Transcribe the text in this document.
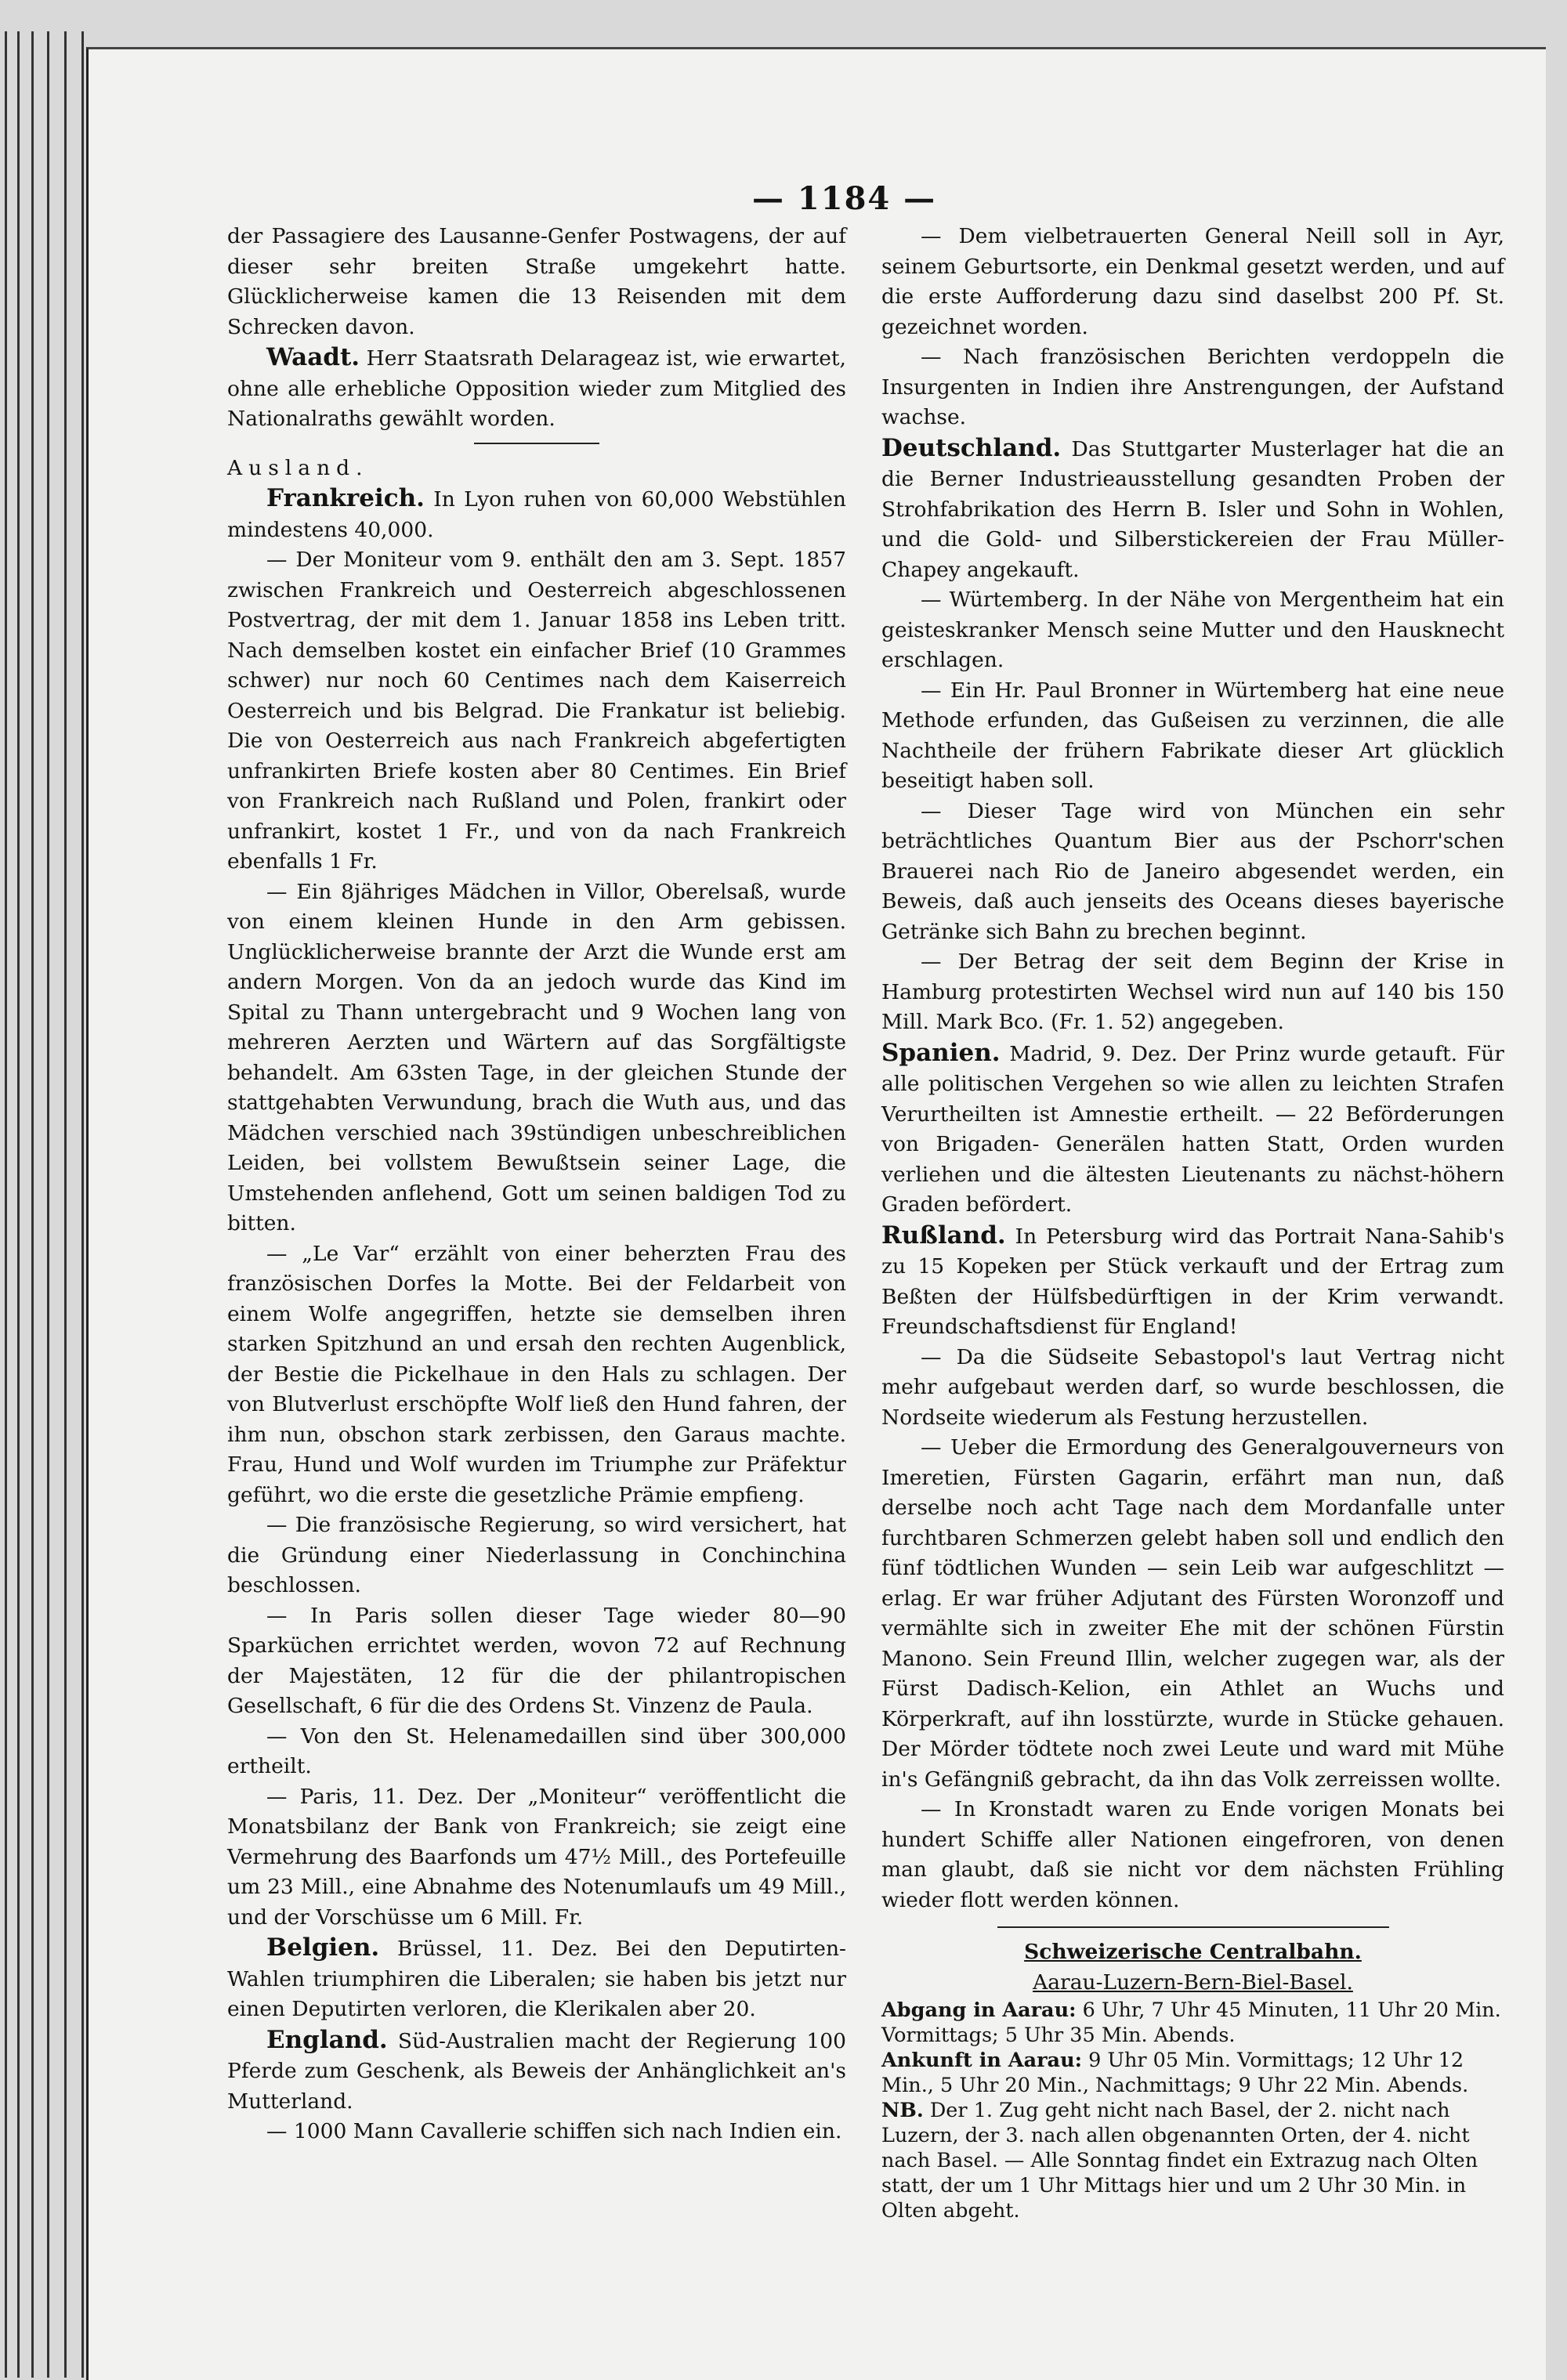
— 1184 —

der Passagiere des Lausanne-Genfer Postwagens, der auf dieser sehr breiten Straße umgekehrt hatte. Glücklicherweise kamen die 13 Reisenden mit dem Schrecken davon.

Waadt. Herr Staatsrath Delarageaz ist, wie erwartet, ohne alle erhebliche Opposition wieder zum Mitglied des Nationalraths gewählt worden.

Ausland.

Frankreich. In Lyon ruhen von 60,000 Webstühlen mindestens 40,000.

— Der Moniteur vom 9. enthält den am 3. Sept. 1857 zwischen Frankreich und Oesterreich abgeschlossenen Postvertrag, der mit dem 1. Januar 1858 ins Leben tritt. Nach demselben kostet ein einfacher Brief (10 Grammes schwer) nur noch 60 Centimes nach dem Kaiserreich Oesterreich und bis Belgrad. Die Frankatur ist beliebig. Die von Oesterreich aus nach Frankreich abgefertigten unfrankirten Briefe kosten aber 80 Centimes. Ein Brief von Frankreich nach Rußland und Polen, frankirt oder unfrankirt, kostet 1 Fr., und von da nach Frankreich ebenfalls 1 Fr.

— Ein 8jähriges Mädchen in Villor, Oberelsaß, wurde von einem kleinen Hunde in den Arm gebissen. Unglücklicherweise brannte der Arzt die Wunde erst am andern Morgen. Von da an jedoch wurde das Kind im Spital zu Thann untergebracht und 9 Wochen lang von mehreren Aerzten und Wärtern auf das Sorgfältigste behandelt. Am 63sten Tage, in der gleichen Stunde der stattgehabten Verwundung, brach die Wuth aus, und das Mädchen verschied nach 39stündigen unbeschreiblichen Leiden, bei vollstem Bewußtsein seiner Lage, die Umstehenden anflehend, Gott um seinen baldigen Tod zu bitten.

— „Le Var“ erzählt von einer beherzten Frau des französischen Dorfes la Motte. Bei der Feldarbeit von einem Wolfe angegriffen, hetzte sie demselben ihren starken Spitzhund an und ersah den rechten Augenblick, der Bestie die Pickelhaue in den Hals zu schlagen. Der von Blutverlust erschöpfte Wolf ließ den Hund fahren, der ihm nun, obschon stark zerbissen, den Garaus machte. Frau, Hund und Wolf wurden im Triumphe zur Präfektur geführt, wo die erste die gesetzliche Prämie empfieng.

— Die französische Regierung, so wird versichert, hat die Gründung einer Niederlassung in Conchinchina beschlossen.

— In Paris sollen dieser Tage wieder 80—90 Sparküchen errichtet werden, wovon 72 auf Rechnung der Majestäten, 12 für die der philantropischen Gesellschaft, 6 für die des Ordens St. Vinzenz de Paula.

— Von den St. Helenamedaillen sind über 300,000 ertheilt.

— Paris, 11. Dez. Der „Moniteur“ veröffentlicht die Monatsbilanz der Bank von Frankreich; sie zeigt eine Vermehrung des Baarfonds um 47½ Mill., des Portefeuille um 23 Mill., eine Abnahme des Notenumlaufs um 49 Mill., und der Vorschüsse um 6 Mill. Fr.

Belgien. Brüssel, 11. Dez. Bei den Deputirten-Wahlen triumphiren die Liberalen; sie haben bis jetzt nur einen Deputirten verloren, die Klerikalen aber 20.

England. Süd-Australien macht der Regierung 100 Pferde zum Geschenk, als Beweis der Anhänglichkeit an's Mutterland.

— 1000 Mann Cavallerie schiffen sich nach Indien ein.

— Dem vielbetrauerten General Neill soll in Ayr, seinem Geburtsorte, ein Denkmal gesetzt werden, und auf die erste Aufforderung dazu sind daselbst 200 Pf. St. gezeichnet worden.

— Nach französischen Berichten verdoppeln die Insurgenten in Indien ihre Anstrengungen, der Aufstand wachse.

Deutschland. Das Stuttgarter Musterlager hat die an die Berner Industrieausstellung gesandten Proben der Strohfabrikation des Herrn B. Isler und Sohn in Wohlen, und die Gold- und Silberstickereien der Frau Müller-Chapey angekauft.

— Würtemberg. In der Nähe von Mergentheim hat ein geisteskranker Mensch seine Mutter und den Hausknecht erschlagen.

— Ein Hr. Paul Bronner in Würtemberg hat eine neue Methode erfunden, das Gußeisen zu verzinnen, die alle Nachtheile der frühern Fabrikate dieser Art glücklich beseitigt haben soll.

— Dieser Tage wird von München ein sehr beträchtliches Quantum Bier aus der Pschorr'schen Brauerei nach Rio de Janeiro abgesendet werden, ein Beweis, daß auch jenseits des Oceans dieses bayerische Getränke sich Bahn zu brechen beginnt.

— Der Betrag der seit dem Beginn der Krise in Hamburg protestirten Wechsel wird nun auf 140 bis 150 Mill. Mark Bco. (Fr. 1. 52) angegeben.

Spanien. Madrid, 9. Dez. Der Prinz wurde getauft. Für alle politischen Vergehen so wie allen zu leichten Strafen Verurtheilten ist Amnestie ertheilt. — 22 Beförderungen von Brigaden- Generälen hatten Statt, Orden wurden verliehen und die ältesten Lieutenants zu nächst-höhern Graden befördert.

Rußland. In Petersburg wird das Portrait Nana-Sahib's zu 15 Kopeken per Stück verkauft und der Ertrag zum Beßten der Hülfsbedürftigen in der Krim verwandt. Freundschaftsdienst für England!

— Da die Südseite Sebastopol's laut Vertrag nicht mehr aufgebaut werden darf, so wurde beschlossen, die Nordseite wiederum als Festung herzustellen.

— Ueber die Ermordung des Generalgouverneurs von Imeretien, Fürsten Gagarin, erfährt man nun, daß derselbe noch acht Tage nach dem Mordanfalle unter furchtbaren Schmerzen gelebt haben soll und endlich den fünf tödtlichen Wunden — sein Leib war aufgeschlitzt — erlag. Er war früher Adjutant des Fürsten Woronzoff und vermählte sich in zweiter Ehe mit der schönen Fürstin Manono. Sein Freund Illin, welcher zugegen war, als der Fürst Dadisch-Kelion, ein Athlet an Wuchs und Körperkraft, auf ihn losstürzte, wurde in Stücke gehauen. Der Mörder tödtete noch zwei Leute und ward mit Mühe in's Gefängniß gebracht, da ihn das Volk zerreissen wollte.

— In Kronstadt waren zu Ende vorigen Monats bei hundert Schiffe aller Nationen eingefroren, von denen man glaubt, daß sie nicht vor dem nächsten Frühling wieder flott werden können.

Schweizerische Centralbahn.
Aarau-Luzern-Bern-Biel-Basel.

Abgang in Aarau: 6 Uhr, 7 Uhr 45 Minuten, 11 Uhr 20 Min. Vormittags; 5 Uhr 35 Min. Abends.

Ankunft in Aarau: 9 Uhr 05 Min. Vormittags; 12 Uhr 12 Min., 5 Uhr 20 Min., Nachmittags; 9 Uhr 22 Min. Abends.

NB. Der 1. Zug geht nicht nach Basel, der 2. nicht nach Luzern, der 3. nach allen obgenannten Orten, der 4. nicht nach Basel. — Alle Sonntag findet ein Extrazug nach Olten statt, der um 1 Uhr Mittags hier und um 2 Uhr 30 Min. in Olten abgeht.
